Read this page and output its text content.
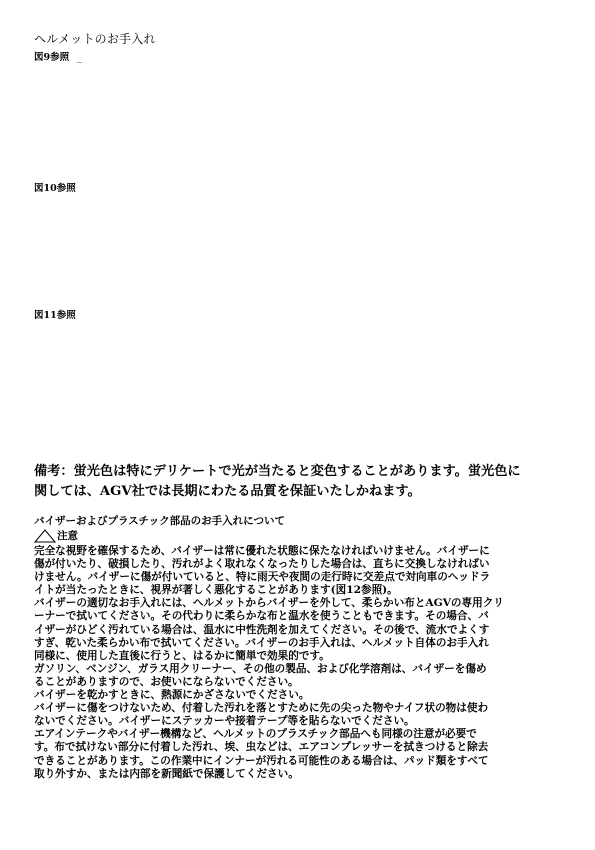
ヘルメットのお手入れ
図9参照 _
図10参照
図11参照
備考：蛍光色は特にデリケートで光が当たると変色することがあります。蛍光色に
関しては、AGV社では長期にわたる品質を保証いたしかねます。
バイザーおよびプラスチック部品のお手入れについて
注意
完全な視野を確保するため、バイザーは常に優れた状態に保たなければいけません。バイザーに
傷が付いたり、破損したり、汚れがよく取れなくなったりした場合は、直ちに交換しなければい
けません。バイザーに傷が付いていると、特に雨天や夜間の走行時に交差点で対向車のヘッドラ
イトが当たったときに、視界が著しく悪化することがあります(図12参照)。
バイザーの適切なお手入れには、ヘルメットからバイザーを外して、柔らかい布とAGVの専用クリ
ーナーで拭いてください。その代わりに柔らかな布と温水を使うこともできます。その場合、バ
イザーがひどく汚れている場合は、温水に中性洗剤を加えてください。その後で、流水でよくす
すぎ、乾いた柔らかい布で拭いてください。バイザーのお手入れは、ヘルメット自体のお手入れ
同様に、使用した直後に行うと、はるかに簡単で効果的です。
ガソリン、ベンジン、ガラス用クリーナー、その他の製品、および化学溶剤は、バイザーを傷め
ることがありますので、お使いにならないでください。
バイザーを乾かすときに、熱源にかざさないでください。
バイザーに傷をつけないため、付着した汚れを落とすために先の尖った物やナイフ状の物は使わ
ないでください。バイザーにステッカーや接着テープ等を貼らないでください。
エアインテークやバイザー機構など、ヘルメットのプラスチック部品へも同様の注意が必要で
す。布で拭けない部分に付着した汚れ、埃、虫などは、エアコンプレッサーを拭きつけると除去
できることがあります。この作業中にインナーが汚れる可能性のある場合は、パッド類をすべて
取り外すか、または内部を新聞紙で保護してください。
